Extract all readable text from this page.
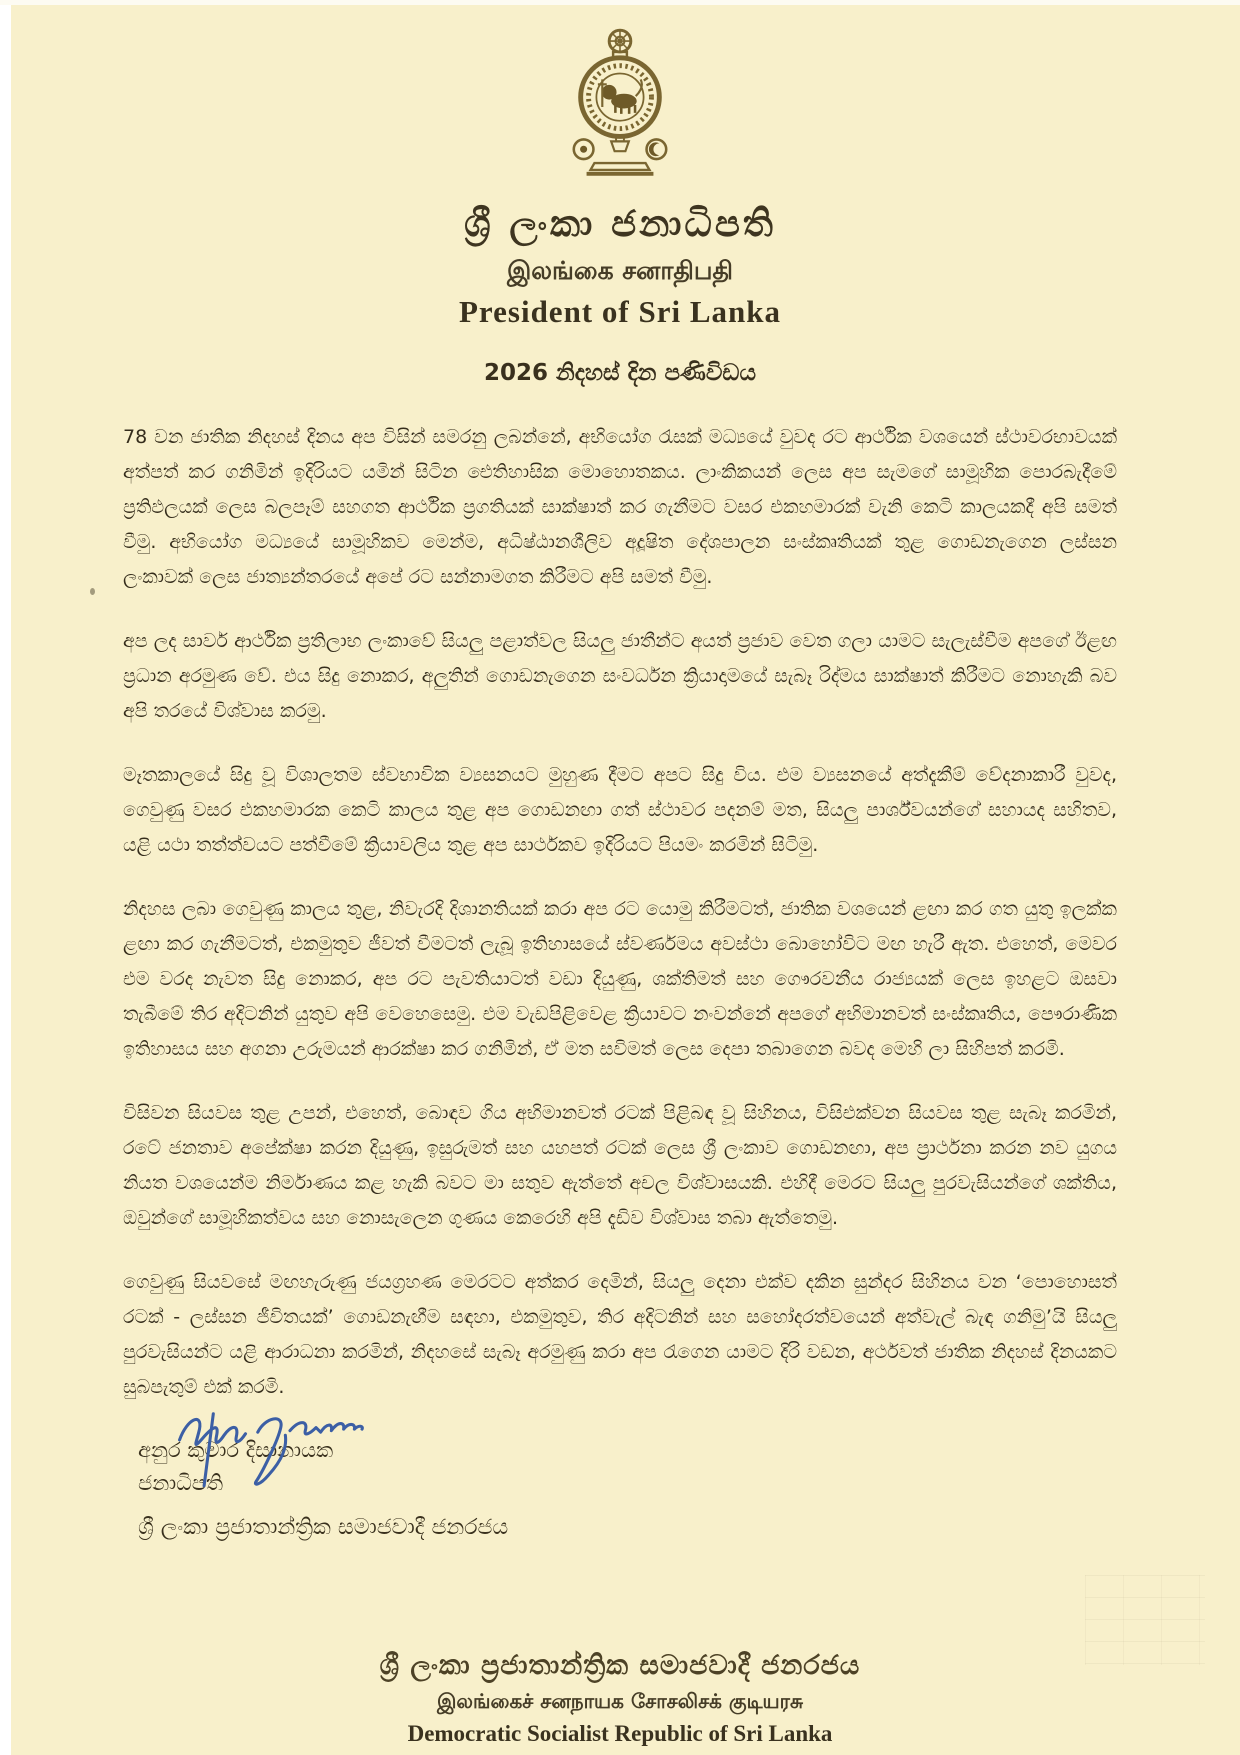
ශ්‍රී ලංකා ජනාධිපති
இலங்கை சனாதிபதி
President of Sri Lanka
2026 නිදහස් දින පණිවිඩය

78 වන ජාතික නිදහස් දිනය අප විසින් සමරනු ලබන්නේ, අභියෝග රැසක් මධ්‍යයේ වුවද රට ආර්ථික වශයෙන් ස්ථාවරභාවයක් අත්පත් කර ගනිමින් ඉදිරියට යමින් සිටින ඓතිහාසික මොහොතකය. ලාංකිකයන් ලෙස අප සැමගේ සාමූහික පොරබැදීමේ ප්‍රතිඵලයක් ලෙස බලපෑම් සහගත ආර්ථික ප්‍රගතියක් සාක්ෂාත් කර ගැනීමට වසර එකහමාරක් වැනි කෙටි කාලයකදී අපි සමත් වීමු. අභියෝග මධ්‍යයේ සාමූහිකව මෙන්ම, අධිෂ්ඨානශීලිව අදූෂිත දේශපාලන සංස්කෘතියක් තුළ ගොඩනැගෙන ලස්සන ලංකාවක් ලෙස ජාත්‍යන්තරයේ අපේ රට සන්නාමගත කිරීමට අපි සමත් වීමු.

අප ලද සාර්ව ආර්ථික ප්‍රතිලාභ ලංකාවේ සියලු පළාත්වල සියලු ජාතීන්ට අයත් ප්‍රජාව වෙත ගලා යාමට සැලැස්වීම අපගේ ඊළඟ ප්‍රධාන අරමුණ වේ. එය සිදු නොකර, අලුතින් ගොඩනැගෙන සංවර්ධන ක්‍රියාදාමයේ සැබෑ රිද්මය සාක්ෂාත් කිරීමට නොහැකි බව අපි තරයේ විශ්වාස කරමු.

මෑතකාලයේ සිදු වූ විශාලතම ස්වභාවික ව්‍යසනයට මුහුණ දීමට අපට සිදු විය. එම ව්‍යසනයේ අත්දැකීම් වේදනාකාරී වුවද, ගෙවුණු වසර එකහමාරක කෙටි කාලය තුළ අප ගොඩනඟා ගත් ස්ථාවර පදනම් මත, සියලු පාර්ශ්වයන්ගේ සහායද සහිතව, යළි යථා තත්ත්වයට පත්වීමේ ක්‍රියාවලිය තුළ අප සාර්ථකව ඉදිරියට පියමං කරමින් සිටිමු.

නිදහස ලබා ගෙවුණු කාලය තුළ, නිවැරදි දිශානතියක් කරා අප රට යොමු කිරීමටත්, ජාතික වශයෙන් ළඟා කර ගත යුතු ඉලක්ක ළඟා කර ගැනීමටත්, එකමුතුව ජීවත් වීමටත් ලැබූ ඉතිහාසයේ ස්වර්ණමය අවස්ථා බොහෝවිට මඟ හැරී ඇත. එහෙත්, මෙවර එම වරද නැවත සිදු නොකර, අප රට පැවතියාටත් වඩා දියුණු, ශක්තිමත් සහ ගෞරවනීය රාජ්‍යයක් ලෙස ඉහළට ඔසවා තැබීමේ තිර අදිටනින් යුතුව අපි වෙහෙසෙමු. එම වැඩපිළිවෙළ ක්‍රියාවට නංවන්නේ අපගේ අභිමානවත් සංස්කෘතිය, පෞරාණික ඉතිහාසය සහ අගනා උරුමයන් ආරක්ෂා කර ගනිමින්, ඒ මත සවිමත් ලෙස දෙපා තබාගෙන බවද මෙහි ලා සිහිපත් කරමි.

විසිවන සියවස තුළ උපන්, එහෙත්, බොඳව ගිය අභිමානවත් රටක් පිළිබඳ වූ සිහිනය, විසිඑක්වන සියවස තුළ සැබෑ කරමින්, රටේ ජනතාව අපේක්ෂා කරන දියුණු, ඉසුරුමත් සහ යහපත් රටක් ලෙස ශ්‍රී ලංකාව ගොඩනඟා, අප ප්‍රාර්ථනා කරන නව යුගය නියත වශයෙන්ම නිර්මාණය කළ හැකි බවට මා සතුව ඇත්තේ අචල විශ්වාසයකි. එහිදී මෙරට සියලු පුරවැසියන්ගේ ශක්තිය, ඔවුන්ගේ සාමූහිකත්වය සහ නොසැලෙන ගුණය කෙරෙහි අපි දැඩිව විශ්වාස තබා ඇත්තෙමු.

ගෙවුණු සියවසේ මඟහැරුණු ජයග්‍රහණ මෙරටට අත්කර දෙමින්, සියලු දෙනා එක්ව දකින සුන්දර සිහිනය වන ‘පොහොසත් රටක් - ලස්සන ජීවිතයක්’ ගොඩනැඟීම සඳහා, එකමුතුව, තිර අදිටනින් සහ සහෝදරත්වයෙන් අත්වැල් බැඳ ගනිමු’යි සියලු පුරවැසියන්ට යළි ආරාධනා කරමින්, නිදහසේ සැබෑ අරමුණු කරා අප රැගෙන යාමට දිරි වඩන, අර්ථවත් ජාතික නිදහස් දිනයකට සුබපැතුම් එක් කරමි.

අනුර කුමාර දිසානායක
ජනාධිපති
ශ්‍රී ලංකා ප්‍රජාතාන්ත්‍රික සමාජවාදී ජනරජය
ශ්‍රී ලංකා ප්‍රජාතාන්ත්‍රික සමාජවාදී ජනරජය
இலங்கைச் சனநாயக சோசலிசக் குடியரசு
Democratic Socialist Republic of Sri Lanka
